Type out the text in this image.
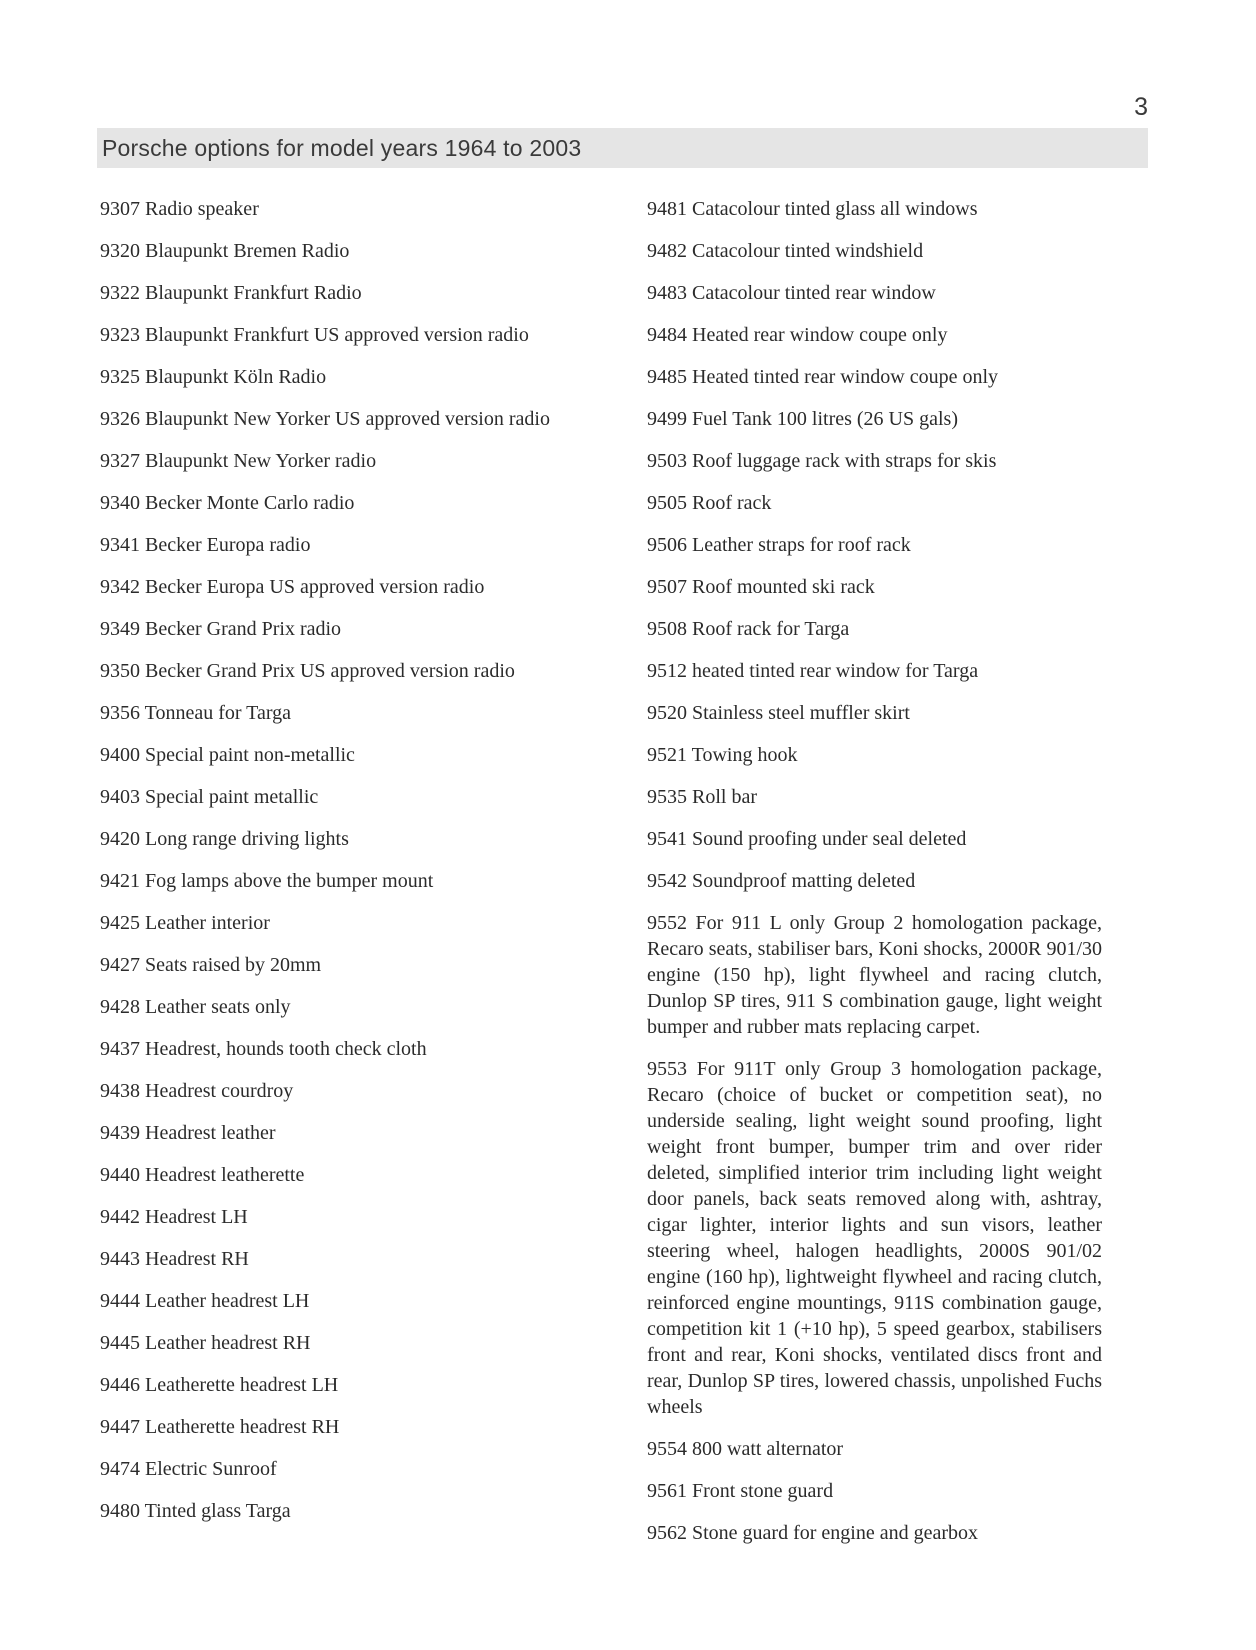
3
Porsche options for model years 1964 to 2003

9307 Radio speaker

9320 Blaupunkt Bremen Radio

9322 Blaupunkt Frankfurt Radio

9323 Blaupunkt Frankfurt US approved version radio

9325 Blaupunkt Köln Radio

9326 Blaupunkt New Yorker US approved version radio

9327 Blaupunkt New Yorker radio

9340 Becker Monte Carlo radio

9341 Becker Europa radio

9342 Becker Europa US approved version radio

9349 Becker Grand Prix radio

9350 Becker Grand Prix US approved version radio

9356 Tonneau for Targa

9400 Special paint non-metallic

9403 Special paint metallic

9420 Long range driving lights

9421 Fog lamps above the bumper mount

9425 Leather interior

9427 Seats raised by 20mm

9428 Leather seats only

9437 Headrest, hounds tooth check cloth

9438 Headrest courdroy

9439 Headrest leather

9440 Headrest leatherette

9442 Headrest LH

9443 Headrest RH

9444 Leather headrest LH

9445 Leather headrest RH

9446 Leatherette headrest LH

9447 Leatherette headrest RH

9474 Electric Sunroof

9480 Tinted glass Targa

9481 Catacolour tinted glass all windows

9482 Catacolour tinted windshield

9483 Catacolour tinted rear window

9484 Heated rear window coupe only

9485 Heated tinted rear window coupe only

9499 Fuel Tank 100 litres (26 US gals)

9503 Roof luggage rack with straps for skis

9505 Roof rack

9506 Leather straps for roof rack

9507 Roof mounted ski rack

9508 Roof rack for Targa

9512 heated tinted rear window for Targa

9520 Stainless steel muffler skirt

9521 Towing hook

9535 Roll bar

9541 Sound proofing under seal deleted

9542 Soundproof matting deleted

9552 For 911 L only Group 2 homologation package, Recaro seats, stabiliser bars, Koni shocks, 2000R 901/30 engine (150 hp), light flywheel and racing clutch, Dunlop SP tires, 911 S combination gauge, light weight bumper and rubber mats replacing carpet.

9553 For 911T only Group 3 homologation package, Recaro (choice of bucket or competition seat), no underside sealing, light weight sound proofing, light weight front bumper, bumper trim and over rider deleted, simplified interior trim including light weight door panels, back seats removed along with, ashtray, cigar lighter, interior lights and sun visors, leather steering wheel, halogen headlights, 2000S 901/02 engine (160 hp), lightweight flywheel and racing clutch, reinforced engine mountings, 911S combination gauge, competition kit 1 (+10 hp), 5 speed gearbox, stabilisers front and rear, Koni shocks, ventilated discs front and rear, Dunlop SP tires, lowered chassis, unpolished Fuchs wheels

9554 800 watt alternator

9561 Front stone guard

9562 Stone guard for engine and gearbox
